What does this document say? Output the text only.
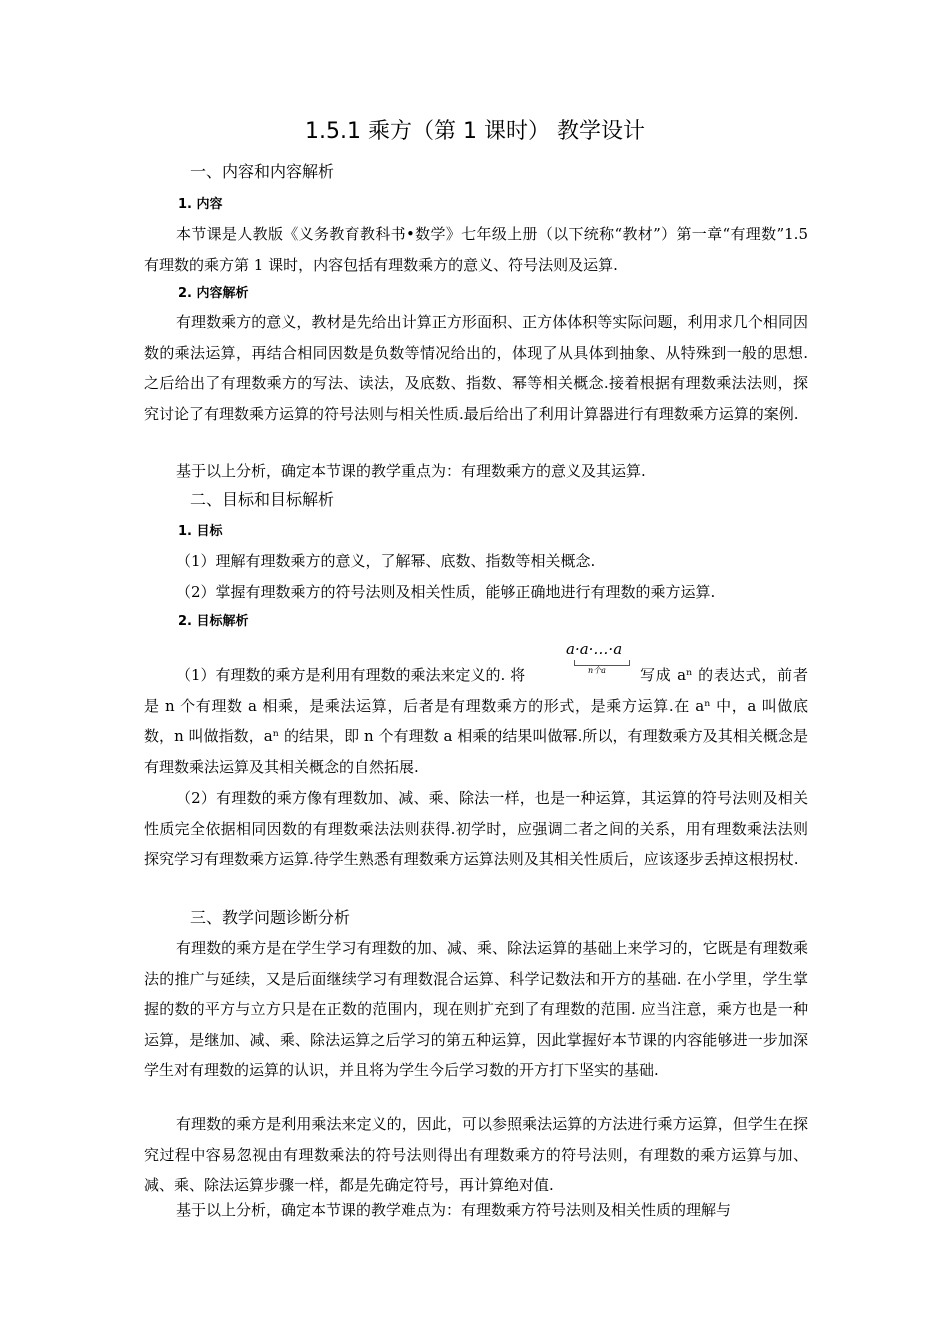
1.5.1 乘方（第 1 课时） 教学设计
一、内容和内容解析
1. 内容

本节课是人教版《义务教育教科书•数学》七年级上册（以下统称“教材”）第一章“有理数”1.5 有理数的乘方第 1 课时，内容包括有理数乘方的意义、符号法则及运算.

2. 内容解析

有理数乘方的意义，教材是先给出计算正方形面积、正方体体积等实际问题，利用求几个相同因数的乘法运算，再结合相同因数是负数等情况给出的，体现了从具体到抽象、从特殊到一般的思想.之后给出了有理数乘方的写法、读法，及底数、指数、幂等相关概念.接着根据有理数乘法法则，探究讨论了有理数乘方运算的符号法则与相关性质.最后给出了利用计算器进行有理数乘方运算的案例.

基于以上分析，确定本节课的教学重点为：有理数乘方的意义及其运算.

二、目标和目标解析
1. 目标

（1）理解有理数乘方的意义，了解幂、底数、指数等相关概念.

（2）掌握有理数乘方的符号法则及相关性质，能够正确地进行有理数的乘方运算.

2. 目标解析
a·a·…·a
n个a

（1）有理数的乘方是利用有理数的乘法来定义的. 将	写成 aⁿ 的表达式，前者是 n 个有理数 a 相乘，是乘法运算，后者是有理数乘方的形式，是乘方运算.在 aⁿ 中，a 叫做底数，n 叫做指数，aⁿ 的结果，即 n 个有理数 a 相乘的结果叫做幂.所以，有理数乘方及其相关概念是有理数乘法运算及其相关概念的自然拓展.

（2）有理数的乘方像有理数加、减、乘、除法一样，也是一种运算，其运算的符号法则及相关性质完全依据相同因数的有理数乘法法则获得.初学时，应强调二者之间的关系，用有理数乘法法则探究学习有理数乘方运算.待学生熟悉有理数乘方运算法则及其相关性质后，应该逐步丢掉这根拐杖.

三、教学问题诊断分析

有理数的乘方是在学生学习有理数的加、减、乘、除法运算的基础上来学习的，它既是有理数乘法的推广与延续，又是后面继续学习有理数混合运算、科学记数法和开方的基础. 在小学里，学生掌握的数的平方与立方只是在正数的范围内，现在则扩充到了有理数的范围. 应当注意，乘方也是一种运算，是继加、减、乘、除法运算之后学习的第五种运算，因此掌握好本节课的内容能够进一步加深学生对有理数的运算的认识，并且将为学生今后学习数的开方打下坚实的基础.

有理数的乘方是利用乘法来定义的，因此，可以参照乘法运算的方法进行乘方运算，但学生在探究过程中容易忽视由有理数乘法的符号法则得出有理数乘方的符号法则，有理数的乘方运算与加、减、乘、除法运算步骤一样，都是先确定符号，再计算绝对值.

基于以上分析，确定本节课的教学难点为：有理数乘方符号法则及相关性质的理解与
